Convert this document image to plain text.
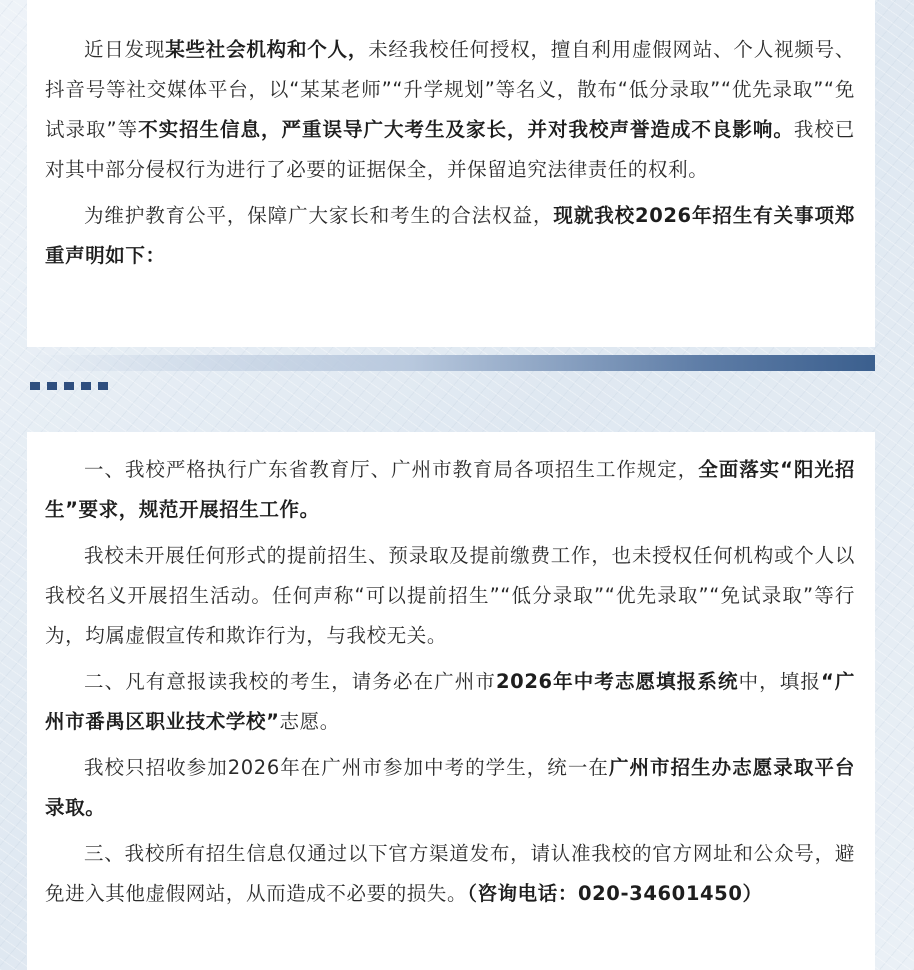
近日发现某些社会机构和个人，未经我校任何授权，擅自利用虚假网站、个人视频号、抖音号等社交媒体平台，以“某某老师”“升学规划”等名义，散布“低分录取”“优先录取”“免试录取”等不实招生信息，严重误导广大考生及家长，并对我校声誉造成不良影响。我校已对其中部分侵权行为进行了必要的证据保全，并保留追究法律责任的权利。

为维护教育公平，保障广大家长和考生的合法权益，现就我校2026年招生有关事项郑重声明如下：

一、我校严格执行广东省教育厅、广州市教育局各项招生工作规定，全面落实“阳光招生”要求，规范开展招生工作。

我校未开展任何形式的提前招生、预录取及提前缴费工作，也未授权任何机构或个人以我校名义开展招生活动。任何声称“可以提前招生”“低分录取”“优先录取”“免试录取”等行为，均属虚假宣传和欺诈行为，与我校无关。

二、凡有意报读我校的考生，请务必在广州市2026年中考志愿填报系统中，填报“广州市番禺区职业技术学校”志愿。

我校只招收参加2026年在广州市参加中考的学生，统一在广州市招生办志愿录取平台录取。

三、我校所有招生信息仅通过以下官方渠道发布，请认准我校的官方网址和公众号，避免进入其他虚假网站，从而造成不必要的损失。（咨询电话：020-34601450）
